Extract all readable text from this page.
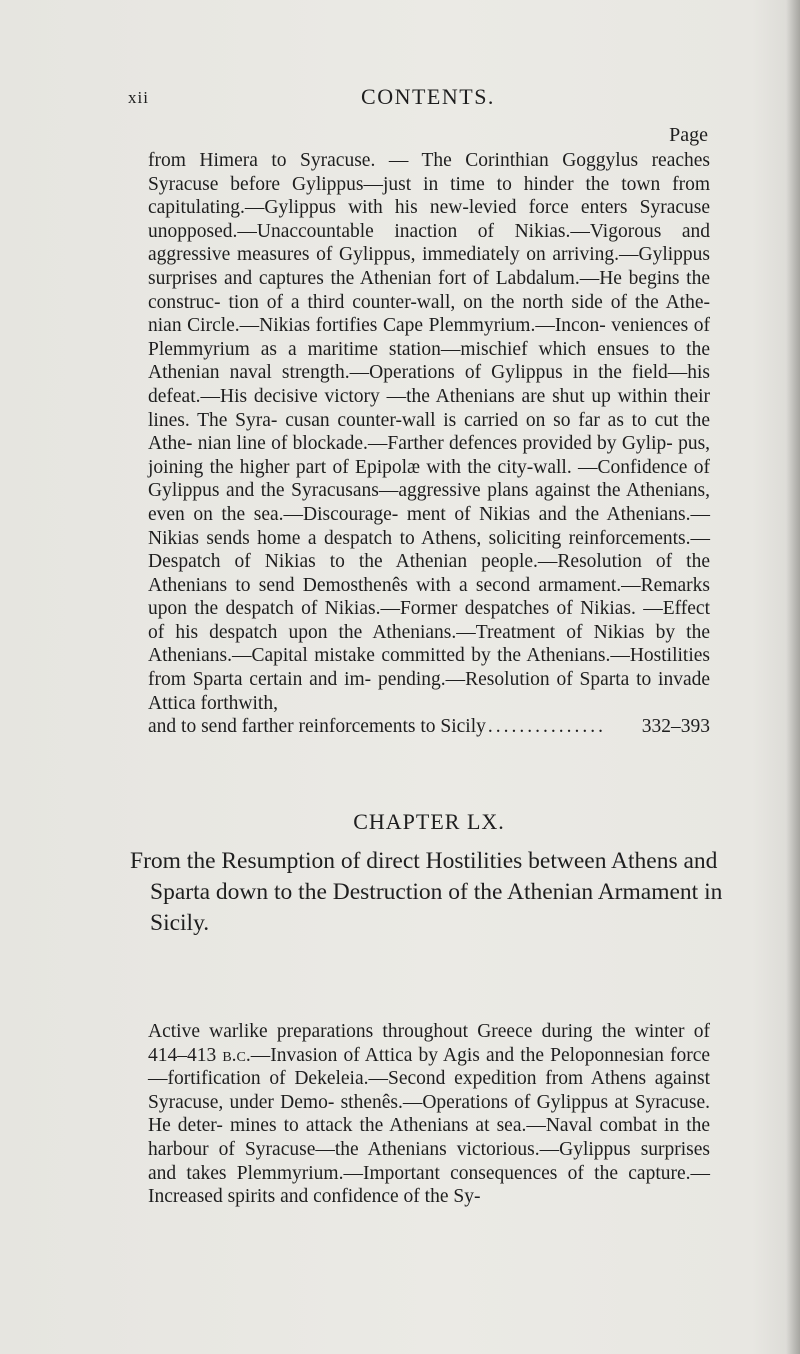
xii	CONTENTS.
Page

from Himera to Syracuse. — The Corinthian Goggylus reaches Syracuse before Gylippus—just in time to hinder the town from capitulating.—Gylippus with his new-levied force enters Syracuse unopposed.—Unaccountable inaction of Nikias.—Vigorous and aggressive measures of Gylippus, immediately on arriving.—Gylippus surprises and captures the Athenian fort of Labdalum.—He begins the construc- tion of a third counter-wall, on the north side of the Athe- nian Circle.—Nikias fortifies Cape Plemmyrium.—Incon- veniences of Plemmyrium as a maritime station—mischief which ensues to the Athenian naval strength.—Operations of Gylippus in the field—his defeat.—His decisive victory —the Athenians are shut up within their lines. The Syra- cusan counter-wall is carried on so far as to cut the Athe- nian line of blockade.—Farther defences provided by Gylip- pus, joining the higher part of Epipolæ with the city-wall. —Confidence of Gylippus and the Syracusans—aggressive plans against the Athenians, even on the sea.—Discourage- ment of Nikias and the Athenians.—Nikias sends home a despatch to Athens, soliciting reinforcements.—Despatch of Nikias to the Athenian people.—Resolution of the Athenians to send Demosthenês with a second armament.—Remarks upon the despatch of Nikias.—Former despatches of Nikias. —Effect of his despatch upon the Athenians.—Treatment of Nikias by the Athenians.—Capital mistake committed by the Athenians.—Hostilities from Sparta certain and im- pending.—Resolution of Sparta to invade Attica forthwith,
and to send farther reinforcements to Sicily ...............	332–393

CHAPTER LX.

From the Resumption of direct Hostilities between Athens and Sparta down to the Destruction of the Athenian Armament in Sicily.

Active warlike preparations throughout Greece during the winter of 414–413 b.c.—Invasion of Attica by Agis and the Peloponnesian force—fortification of Dekeleia.—Second expedition from Athens against Syracuse, under Demo- sthenês.—Operations of Gylippus at Syracuse. He deter- mines to attack the Athenians at sea.—Naval combat in the harbour of Syracuse—the Athenians victorious.—Gylippus surprises and takes Plemmyrium.—Important consequences of the capture.—Increased spirits and confidence of the Sy-
